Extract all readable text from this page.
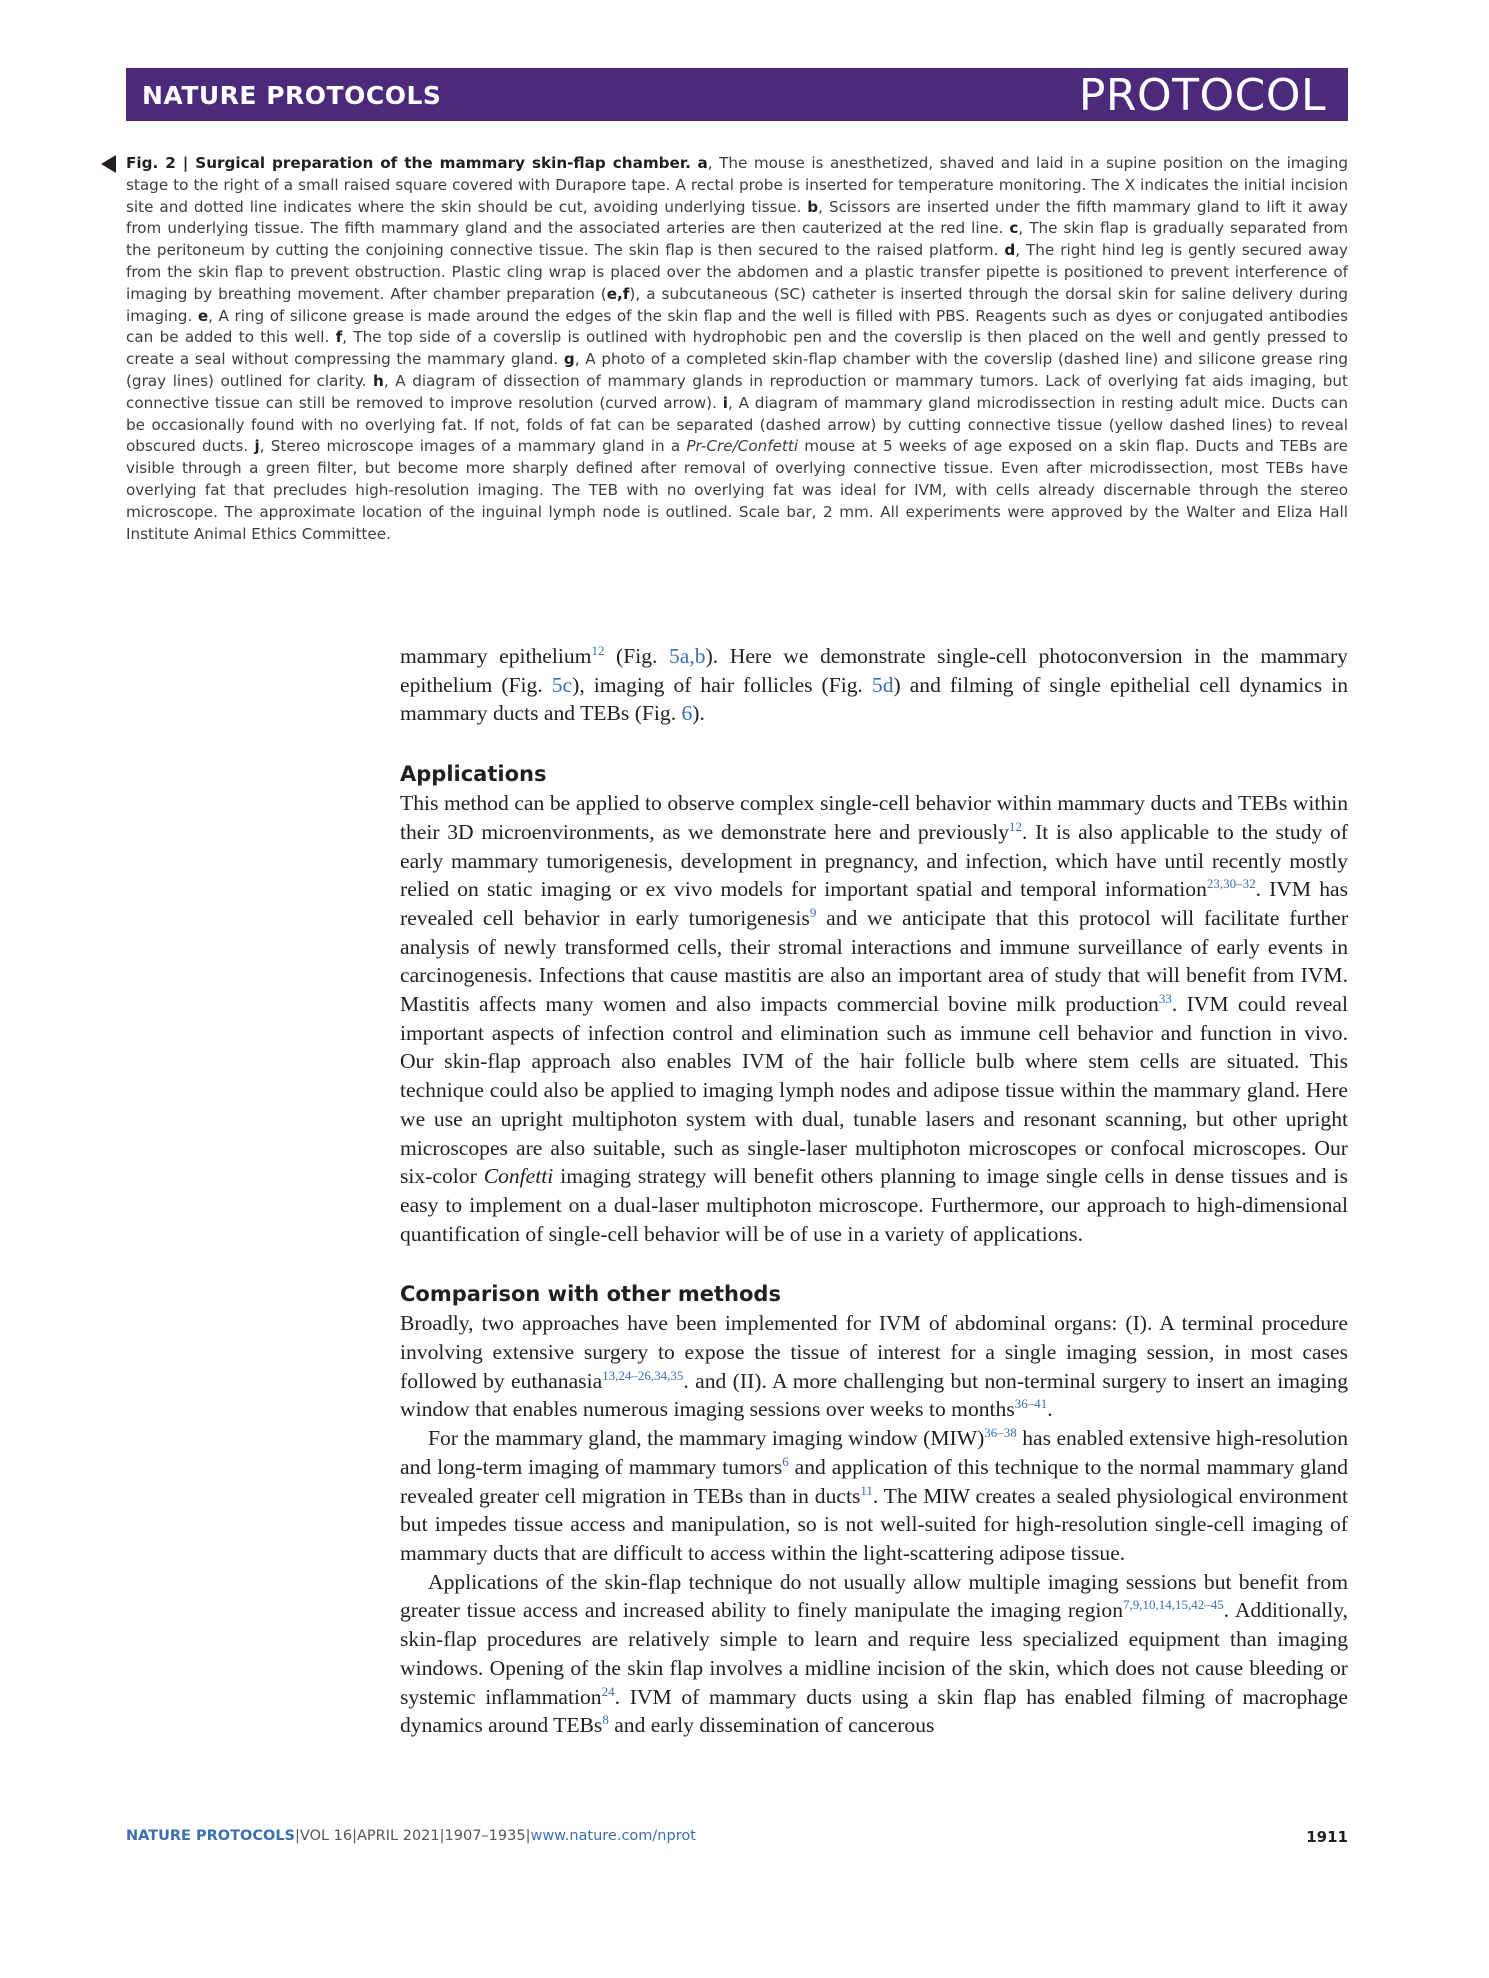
NATURE PROTOCOLS	PROTOCOL
Fig. 2 | Surgical preparation of the mammary skin-flap chamber. a, The mouse is anesthetized, shaved and laid in a supine position on the imaging stage to the right of a small raised square covered with Durapore tape. A rectal probe is inserted for temperature monitoring. The X indicates the initial incision site and dotted line indicates where the skin should be cut, avoiding underlying tissue. b, Scissors are inserted under the fifth mammary gland to lift it away from underlying tissue. The fifth mammary gland and the associated arteries are then cauterized at the red line. c, The skin flap is gradually separated from the peritoneum by cutting the conjoining connective tissue. The skin flap is then secured to the raised platform. d, The right hind leg is gently secured away from the skin flap to prevent obstruction. Plastic cling wrap is placed over the abdomen and a plastic transfer pipette is positioned to prevent interference of imaging by breathing movement. After chamber preparation (e,f), a subcutaneous (SC) catheter is inserted through the dorsal skin for saline delivery during imaging. e, A ring of silicone grease is made around the edges of the skin flap and the well is filled with PBS. Reagents such as dyes or conjugated antibodies can be added to this well. f, The top side of a coverslip is outlined with hydrophobic pen and the coverslip is then placed on the well and gently pressed to create a seal without compressing the mammary gland. g, A photo of a completed skin-flap chamber with the coverslip (dashed line) and silicone grease ring (gray lines) outlined for clarity. h, A diagram of dissection of mammary glands in reproduction or mammary tumors. Lack of overlying fat aids imaging, but connective tissue can still be removed to improve resolution (curved arrow). i, A diagram of mammary gland microdissection in resting adult mice. Ducts can be occasionally found with no overlying fat. If not, folds of fat can be separated (dashed arrow) by cutting connective tissue (yellow dashed lines) to reveal obscured ducts. j, Stereo microscope images of a mammary gland in a Pr-Cre/Confetti mouse at 5 weeks of age exposed on a skin flap. Ducts and TEBs are visible through a green filter, but become more sharply defined after removal of overlying connective tissue. Even after microdissection, most TEBs have overlying fat that precludes high-resolution imaging. The TEB with no overlying fat was ideal for IVM, with cells already discernable through the stereo microscope. The approximate location of the inguinal lymph node is outlined. Scale bar, 2 mm. All experiments were approved by the Walter and Eliza Hall Institute Animal Ethics Committee.

mammary epithelium$^{12}$ (Fig. 5a,b). Here we demonstrate single-cell photoconversion in the mammary epithelium (Fig. 5c), imaging of hair follicles (Fig. 5d) and filming of single epithelial cell dynamics in mammary ducts and TEBs (Fig. 6).

Applications

This method can be applied to observe complex single-cell behavior within mammary ducts and TEBs within their 3D microenvironments, as we demonstrate here and previously$^{12}$. It is also applicable to the study of early mammary tumorigenesis, development in pregnancy, and infection, which have until recently mostly relied on static imaging or ex vivo models for important spatial and temporal information$^{23,30-32}$. IVM has revealed cell behavior in early tumorigenesis$^9$ and we anticipate that this protocol will facilitate further analysis of newly transformed cells, their stromal interactions and immune surveillance of early events in carcinogenesis. Infections that cause mastitis are also an important area of study that will benefit from IVM. Mastitis affects many women and also impacts commercial bovine milk production$^{33}$. IVM could reveal important aspects of infection control and elimination such as immune cell behavior and function in vivo. Our skin-flap approach also enables IVM of the hair follicle bulb where stem cells are situated. This technique could also be applied to imaging lymph nodes and adipose tissue within the mammary gland. Here we use an upright multiphoton system with dual, tunable lasers and resonant scanning, but other upright microscopes are also suitable, such as single-laser multiphoton microscopes or confocal microscopes. Our six-color Confetti imaging strategy will benefit others planning to image single cells in dense tissues and is easy to implement on a dual-laser multiphoton microscope. Furthermore, our approach to high-dimensional quantification of single-cell behavior will be of use in a variety of applications.

Comparison with other methods

Broadly, two approaches have been implemented for IVM of abdominal organs: (I). A terminal procedure involving extensive surgery to expose the tissue of interest for a single imaging session, in most cases followed by euthanasia$^{13,24-26,34,35}$. and (II). A more challenging but non-terminal surgery to insert an imaging window that enables numerous imaging sessions over weeks to months$^{36-41}$.

For the mammary gland, the mammary imaging window (MIW)$^{36-38}$ has enabled extensive high-resolution and long-term imaging of mammary tumors$^6$ and application of this technique to the normal mammary gland revealed greater cell migration in TEBs than in ducts$^{11}$. The MIW creates a sealed physiological environment but impedes tissue access and manipulation, so is not well-suited for high-resolution single-cell imaging of mammary ducts that are difficult to access within the light-scattering adipose tissue.

Applications of the skin-flap technique do not usually allow multiple imaging sessions but benefit from greater tissue access and increased ability to finely manipulate the imaging region$^{7,9,10,14,15,42-45}$. Additionally, skin-flap procedures are relatively simple to learn and require less specialized equipment than imaging windows. Opening of the skin flap involves a midline incision of the skin, which does not cause bleeding or systemic inflammation$^{24}$. IVM of mammary ducts using a skin flap has enabled filming of macrophage dynamics around TEBs$^8$ and early dissemination of cancerous

NATURE PROTOCOLS|VOL 16|APRIL 2021|1907–1935|www.nature.com/nprot	1911
